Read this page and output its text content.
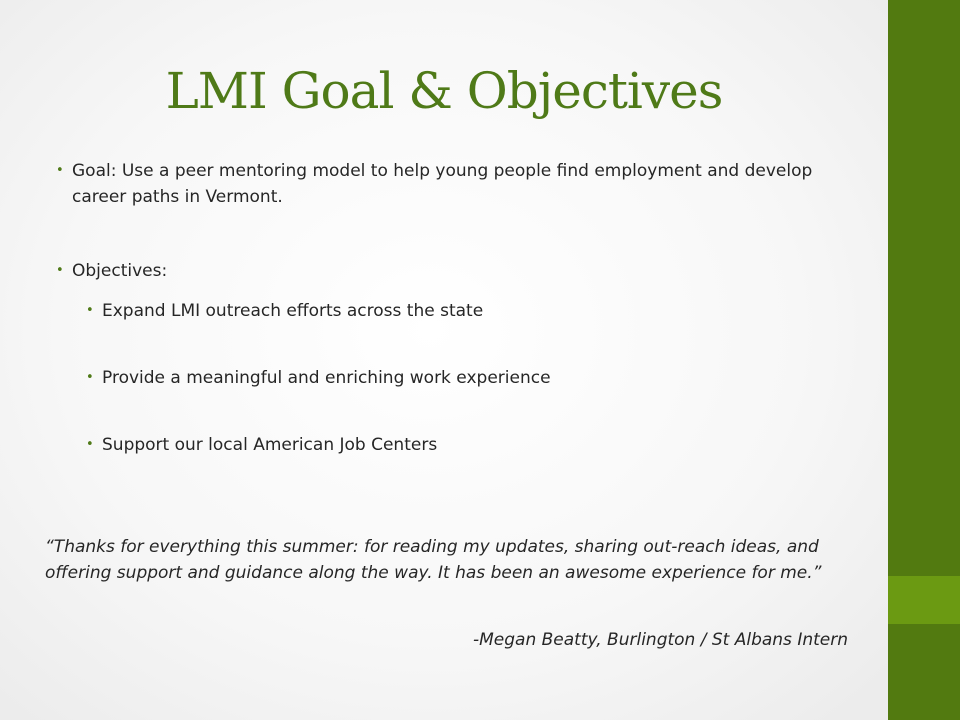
LMI Goal & Objectives
• Goal: Use a peer mentoring model to help young people find employment and develop career paths in Vermont.
• Objectives:
• Expand LMI outreach efforts across the state
• Provide a meaningful and enriching work experience
• Support our local American Job Centers
“Thanks for everything this summer: for reading my updates, sharing out-reach ideas, and offering support and guidance along the way. It has been an awesome experience for me.”
-Megan Beatty, Burlington / St Albans Intern
